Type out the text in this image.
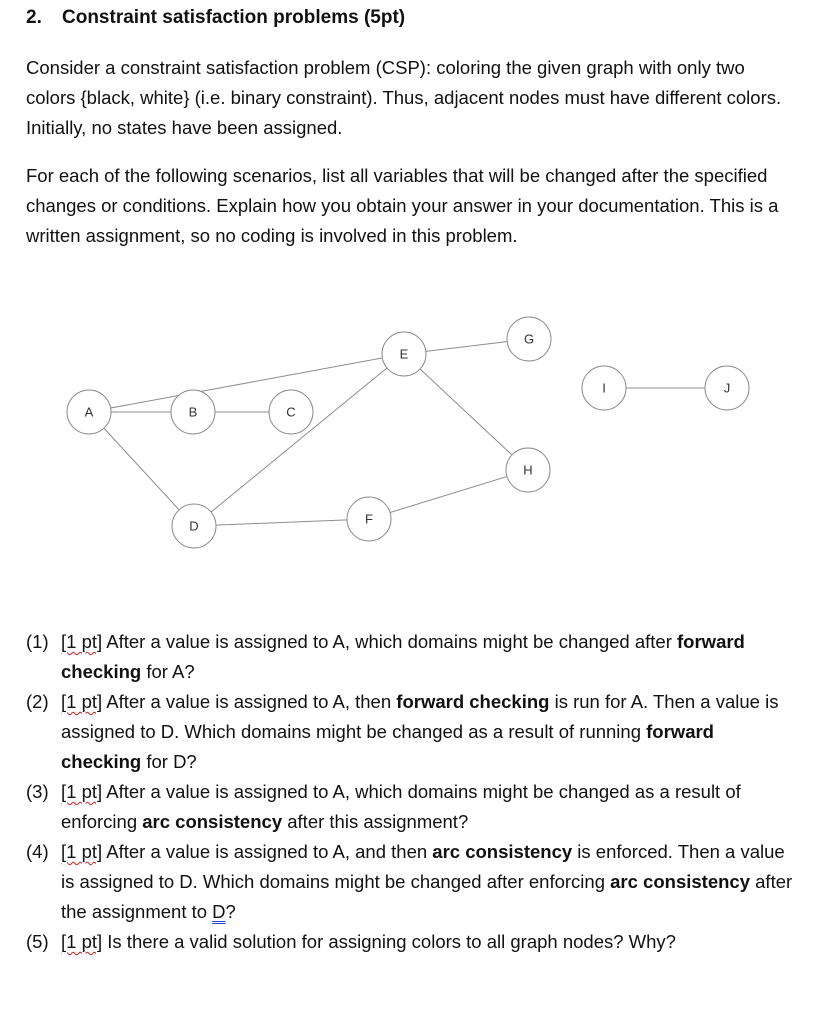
2. Constraint satisfaction problems (5pt)

Consider a constraint satisfaction problem (CSP): coloring the given graph with only two colors {black, white} (i.e. binary constraint). Thus, adjacent nodes must have different colors. Initially, no states have been assigned.

For each of the following scenarios, list all variables that will be changed after the specified changes or conditions. Explain how you obtain your answer in your documentation. This is a written assignment, so no coding is involved in this problem.

A	B	C
D
E
F
G
H
I	J
(1) [1 pt] After a value is assigned to A, which domains might be changed after forward checking for A?
(2) [1 pt] After a value is assigned to A, then forward checking is run for A. Then a value is assigned to D. Which domains might be changed as a result of running forward checking for D?
(3) [1 pt] After a value is assigned to A, which domains might be changed as a result of enforcing arc consistency after this assignment?
(4) [1 pt] After a value is assigned to A, and then arc consistency is enforced. Then a value is assigned to D. Which domains might be changed after enforcing arc consistency after the assignment to D?
(5) [1 pt] Is there a valid solution for assigning colors to all graph nodes? Why?
